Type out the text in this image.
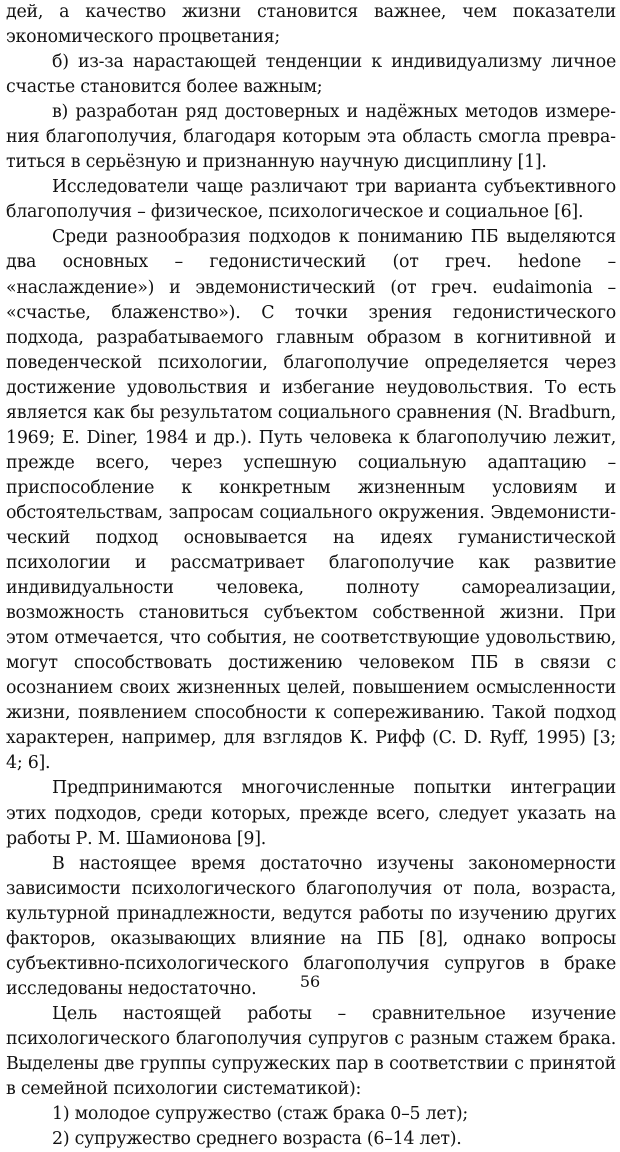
дей, а качество жизни становится важнее, чем показатели экономического процветания;

б) из-за нарастающей тенденции к индивидуализму личное счастье становится более важным;

в) разработан ряд достоверных и надёжных методов измерения благополучия, благодаря которым эта область смогла превратиться в серьёзную и признанную научную дисциплину [1].

Исследователи чаще различают три варианта субъективного благополучия – физическое, психологическое и социальное [6].

Среди разнообразия подходов к пониманию ПБ выделяются два основных – гедонистический (от греч. hedone – «наслаждение») и эвдемонистический (от греч. eudaimonia – «счастье, блаженство»). С точки зрения гедонистического подхода, разрабатываемого главным образом в когнитивной и поведенческой психологии, благополучие определяется через достижение удовольствия и избегание неудовольствия. То есть является как бы результатом социального сравнения (N. Bradburn, 1969; E. Diner, 1984 и др.). Путь человека к благополучию лежит, прежде всего, через успешную социальную адаптацию – приспособление к конкретным жизненным условиям и обстоятельствам, запросам социального окружения. Эвдемонистический подход основывается на идеях гуманистической психологии и рассматривает благополучие как развитие индивидуальности человека, полноту самореализации, возможность становиться субъектом собственной жизни. При этом отмечается, что события, не соответствующие удовольствию, могут способствовать достижению человеком ПБ в связи с осознанием своих жизненных целей, повышением осмысленности жизни, появлением способности к сопереживанию. Такой подход характерен, например, для взглядов К. Рифф (C. D. Ryff, 1995) [3; 4; 6].

Предпринимаются многочисленные попытки интеграции этих подходов, среди которых, прежде всего, следует указать на работы Р. М. Шамионова [9].

В настоящее время достаточно изучены закономерности зависимости психологического благополучия от пола, возраста, культурной принадлежности, ведутся работы по изучению других факторов, оказывающих влияние на ПБ [8], однако вопросы субъективно-психологического благополучия супругов в браке исследованы недостаточно.

Цель настоящей работы – сравнительное изучение психологического благополучия супругов с разным стажем брака. Выделены две группы супружеских пар в соответствии с принятой в семейной психологии систематикой):

1) молодое супружество (стаж брака 0–5 лет);

2) супружество среднего возраста (6–14 лет).

56
